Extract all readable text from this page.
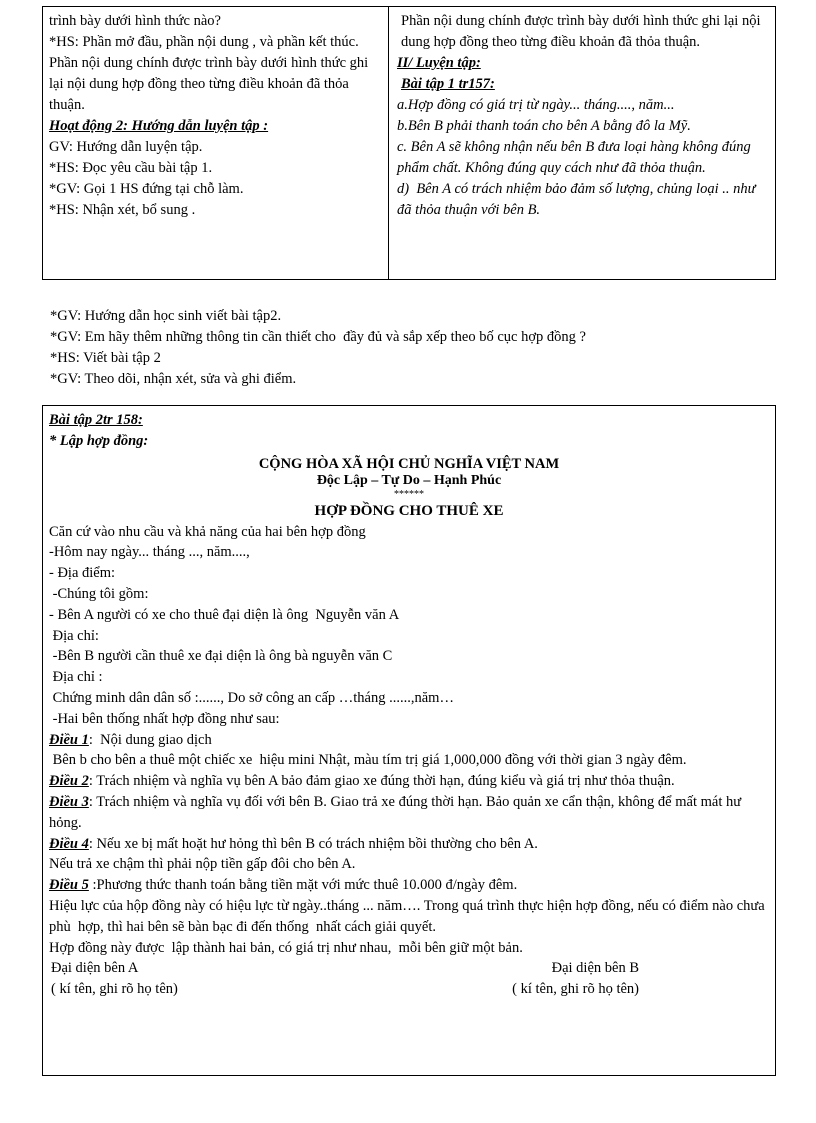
trình bày dưới hình thức nào?
*HS: Phần mở đầu, phần nội dung , và phần kết thúc. Phần nội dung chính được trình bày dưới hình thức ghi lại nội dung hợp đồng theo từng điều khoản đã thỏa thuận.
Hoạt động 2: Hướng dẫn luyện tập :
GV: Hướng dẫn luyện tập.
*HS: Đọc yêu cầu bài tập 1.
*GV: Gọi 1 HS đứng tại chỗ làm.
*HS: Nhận xét, bổ sung .
Phần nội dung chính được trình bày dưới hình thức ghi lại nội dung hợp đồng theo từng điều khoản đã thỏa thuận.
II/ Luyện tập:
Bài tập 1 tr157:
a.Hợp đồng có giá trị từ ngày... tháng...., năm...
b.Bên B phải thanh toán cho bên A bằng đô la Mỹ.
c. Bên A sẽ không nhận nếu bên B đưa loại hàng không đúng phẩm chất. Không đúng quy cách như đã thỏa thuận.
d)  Bên A có trách nhiệm bảo đảm số lượng, chủng loại .. như đã thỏa thuận với bên B.
*GV: Hướng dẫn học sinh viết bài tập2.
*GV: Em hãy thêm những thông tin cần thiết cho  đầy đủ và sắp xếp theo bố cục hợp đồng ?
*HS: Viết bài tập 2
*GV: Theo dõi, nhận xét, sửa và ghi điểm.
Bài tập 2tr 158:
* Lập hợp đồng:
CỘNG HÒA XÃ HỘI CHỦ NGHĨA VIỆT NAM
Độc Lập – Tự Do – Hạnh Phúc
******
HỢP ĐỒNG CHO THUÊ XE
Căn cứ vào nhu cầu và khả năng của hai bên hợp đồng
-Hôm nay ngày... tháng ..., năm....,
- Địa điểm:
-Chúng tôi gồm:
- Bên A người có xe cho thuê đại diện là ông  Nguyễn văn A
Địa chỉ:
-Bên B người cần thuê xe đại diện là ông bà nguyễn văn C
Địa chỉ :
Chứng minh dân dân số :......, Do sở công an cấp …tháng ......,năm…
-Hai bên thống nhất hợp đồng như sau:
Điều 1:  Nội dung giao dịch
Bên b cho bên a thuê một chiếc xe  hiệu mini Nhật, màu tím trị giá 1,000,000 đồng với thời gian 3 ngày đêm.
Điều 2: Trách nhiệm và nghĩa vụ bên A bảo đảm giao xe đúng thời hạn, đúng kiểu và giá trị như thỏa thuận.
Điều 3: Trách nhiệm và nghĩa vụ đối với bên B. Giao trả xe đúng thời hạn. Bảo quản xe cẩn thận, không để mất mát hư hỏng.
Điều 4: Nếu xe bị mất hoặt hư hỏng thì bên B có trách nhiệm bồi thường cho bên A.
Nếu trả xe chậm thì phải nộp tiền gấp đôi cho bên A.
Điều 5 :Phương thức thanh toán bằng tiền mặt với mức thuê 10.000 đ/ngày đêm.
Hiệu lực của hộp đồng này có hiệu lực từ ngày..tháng ... năm…. Trong quá trình thực hiện hợp đồng, nếu có điểm nào chưa phù  hợp, thì hai bên sẽ bàn bạc đi đến thống  nhất cách giải quyết.
Hợp đồng này được  lập thành hai bản, có giá trị như nhau,  mỗi bên giữ một bản.
Đại diện bên A	Đại diện bên B
( kí tên, ghi rõ họ tên)	( kí tên, ghi rõ họ tên)
